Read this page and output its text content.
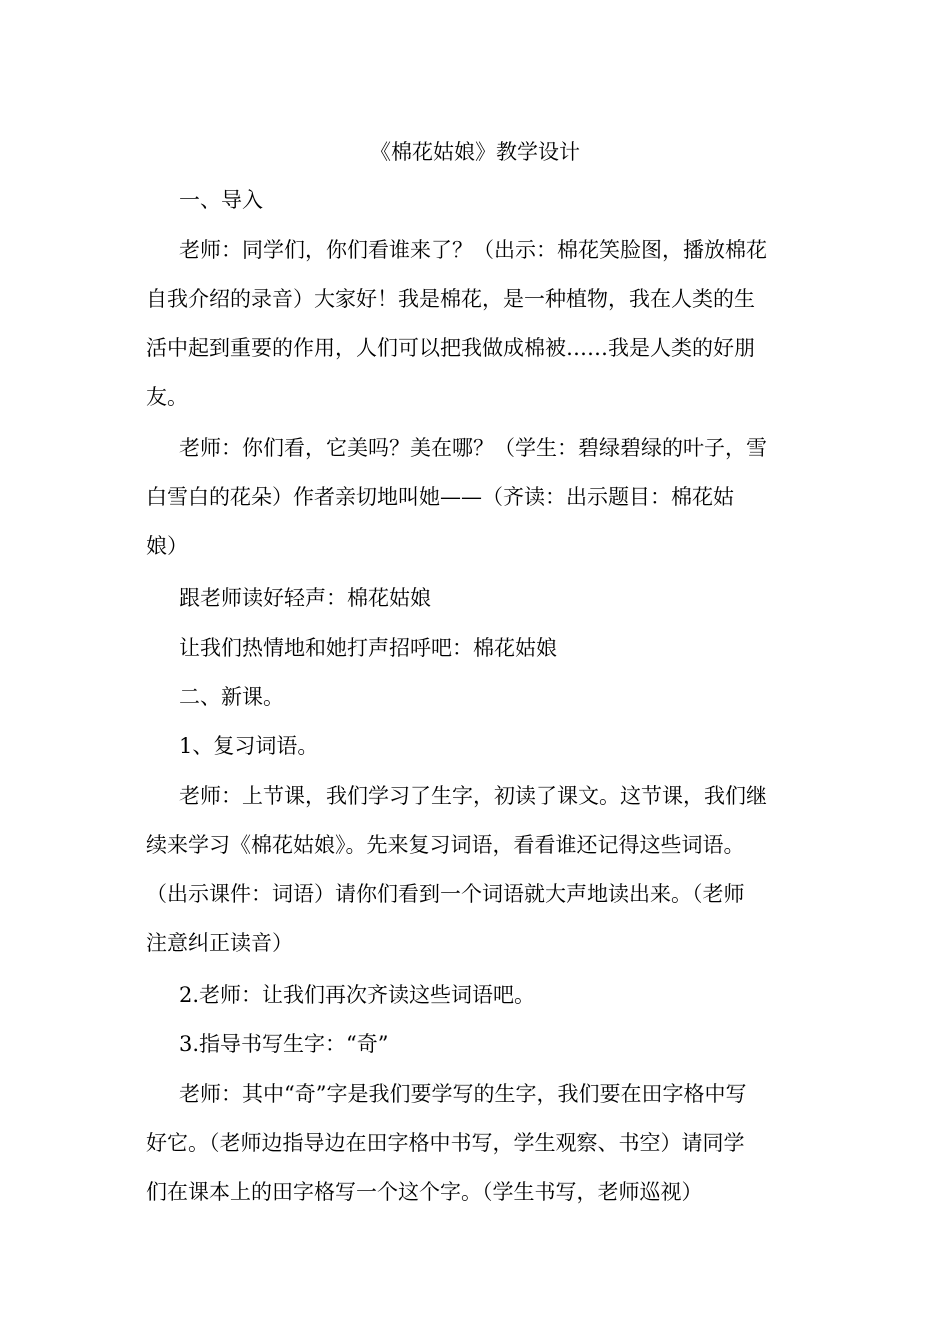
《棉花姑娘》教学设计

一、导入

老师：同学们，你们看谁来了？（出示：棉花笑脸图，播放棉花
自我介绍的录音）大家好！我是棉花，是一种植物，我在人类的生
活中起到重要的作用，人们可以把我做成棉被……我是人类的好朋
友。

老师：你们看，它美吗？美在哪？（学生：碧绿碧绿的叶子，雪
白雪白的花朵）作者亲切地叫她——（齐读：出示题目：棉花姑
娘）

跟老师读好轻声：棉花姑娘

让我们热情地和她打声招呼吧：棉花姑娘

二、新课。

1、复习词语。

老师：上节课，我们学习了生字，初读了课文。这节课，我们继
续来学习《棉花姑娘》。先来复习词语，看看谁还记得这些词语。
（出示课件：词语）请你们看到一个词语就大声地读出来。（老师
注意纠正读音）

2.老师：让我们再次齐读这些词语吧。

3.指导书写生字：“奇”

老师：其中“奇”字是我们要学写的生字，我们要在田字格中写
好它。（老师边指导边在田字格中书写，学生观察、书空）请同学
们在课本上的田字格写一个这个字。（学生书写，老师巡视）
